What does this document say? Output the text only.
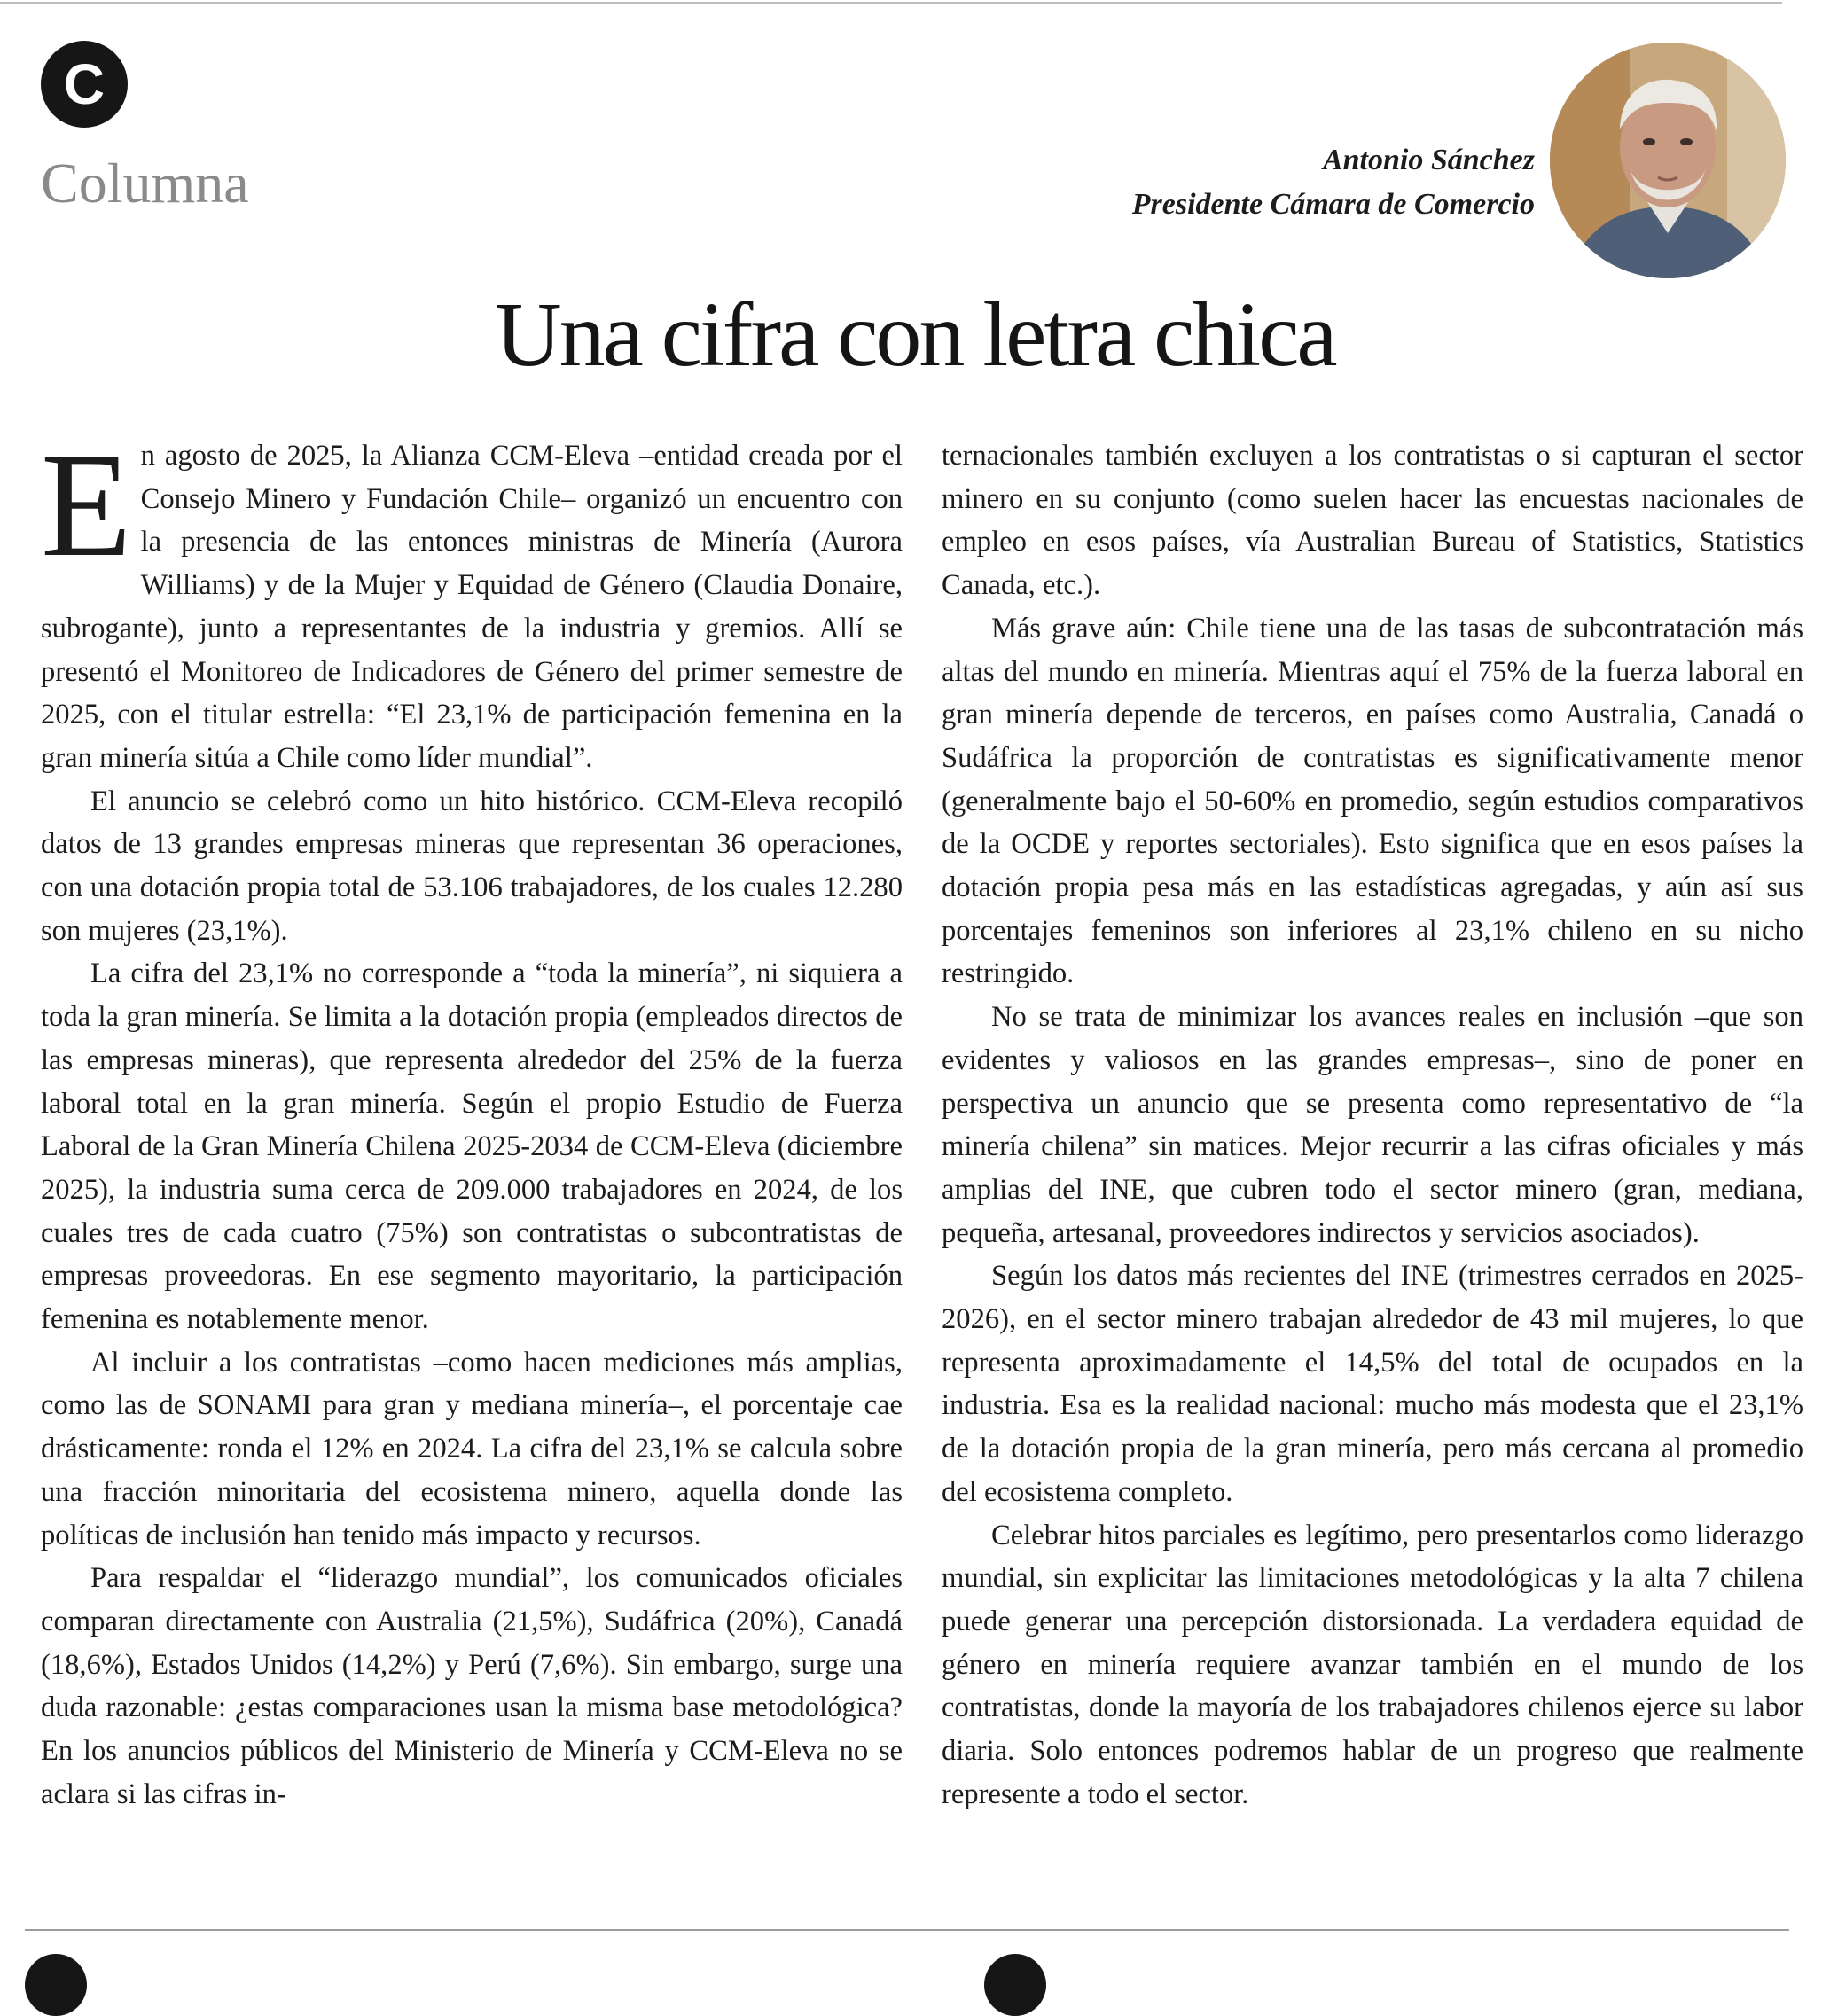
C
Columna	Antonio Sánchez
Presidente Cámara de Comercio
Una cifra con letra chica

En agosto de 2025, la Alianza CCM-Eleva –entidad creada por el Consejo Minero y Fundación Chile– organizó un encuentro con la presencia de las entonces ministras de Minería (Aurora Williams) y de la Mujer y Equidad de Género (Claudia Donaire, subrogante), junto a representantes de la industria y gremios. Allí se presentó el Monitoreo de Indicadores de Género del primer semestre de 2025, con el titular estrella: “El 23,1% de participación femenina en la gran minería sitúa a Chile como líder mundial”.

El anuncio se celebró como un hito histórico. CCM-Eleva recopiló datos de 13 grandes empresas mineras que representan 36 operaciones, con una dotación propia total de 53.106 trabajadores, de los cuales 12.280 son mujeres (23,1%).

La cifra del 23,1% no corresponde a “toda la minería”, ni siquiera a toda la gran minería. Se limita a la dotación propia (empleados directos de las empresas mineras), que representa alrededor del 25% de la fuerza laboral total en la gran minería. Según el propio Estudio de Fuerza Laboral de la Gran Minería Chilena 2025-2034 de CCM-Eleva (diciembre 2025), la industria suma cerca de 209.000 trabajadores en 2024, de los cuales tres de cada cuatro (75%) son contratistas o subcontratistas de empresas proveedoras. En ese segmento mayoritario, la participación femenina es notablemente menor.

Al incluir a los contratistas –como hacen mediciones más amplias, como las de SONAMI para gran y mediana minería–, el porcentaje cae drásticamente: ronda el 12% en 2024. La cifra del 23,1% se calcula sobre una fracción minoritaria del ecosistema minero, aquella donde las políticas de inclusión han tenido más impacto y recursos.

Para respaldar el “liderazgo mundial”, los comunicados oficiales comparan directamente con Australia (21,5%), Sudáfrica (20%), Canadá (18,6%), Estados Unidos (14,2%) y Perú (7,6%). Sin embargo, surge una duda razonable: ¿estas comparaciones usan la misma base metodológica? En los anuncios públicos del Ministerio de Minería y CCM-Eleva no se aclara si las cifras in-

ternacionales también excluyen a los contratistas o si capturan el sector minero en su conjunto (como suelen hacer las encuestas nacionales de empleo en esos países, vía Australian Bureau of Statistics, Statistics Canada, etc.).

Más grave aún: Chile tiene una de las tasas de subcontratación más altas del mundo en minería. Mientras aquí el 75% de la fuerza laboral en gran minería depende de terceros, en países como Australia, Canadá o Sudáfrica la proporción de contratistas es significativamente menor (generalmente bajo el 50-60% en promedio, según estudios comparativos de la OCDE y reportes sectoriales). Esto significa que en esos países la dotación propia pesa más en las estadísticas agregadas, y aún así sus porcentajes femeninos son inferiores al 23,1% chileno en su nicho restringido.

No se trata de minimizar los avances reales en inclusión –que son evidentes y valiosos en las grandes empresas–, sino de poner en perspectiva un anuncio que se presenta como representativo de “la minería chilena” sin matices. Mejor recurrir a las cifras oficiales y más amplias del INE, que cubren todo el sector minero (gran, mediana, pequeña, artesanal, proveedores indirectos y servicios asociados).

Según los datos más recientes del INE (trimestres cerrados en 2025-2026), en el sector minero trabajan alrededor de 43 mil mujeres, lo que representa aproximadamente el 14,5% del total de ocupados en la industria. Esa es la realidad nacional: mucho más modesta que el 23,1% de la dotación propia de la gran minería, pero más cercana al promedio del ecosistema completo.

Celebrar hitos parciales es legítimo, pero presentarlos como liderazgo mundial, sin explicitar las limitaciones metodológicas y la alta 7 chilena puede generar una percepción distorsionada. La verdadera equidad de género en minería requiere avanzar también en el mundo de los contratistas, donde la mayoría de los trabajadores chilenos ejerce su labor diaria. Solo entonces podremos hablar de un progreso que realmente represente a todo el sector.
